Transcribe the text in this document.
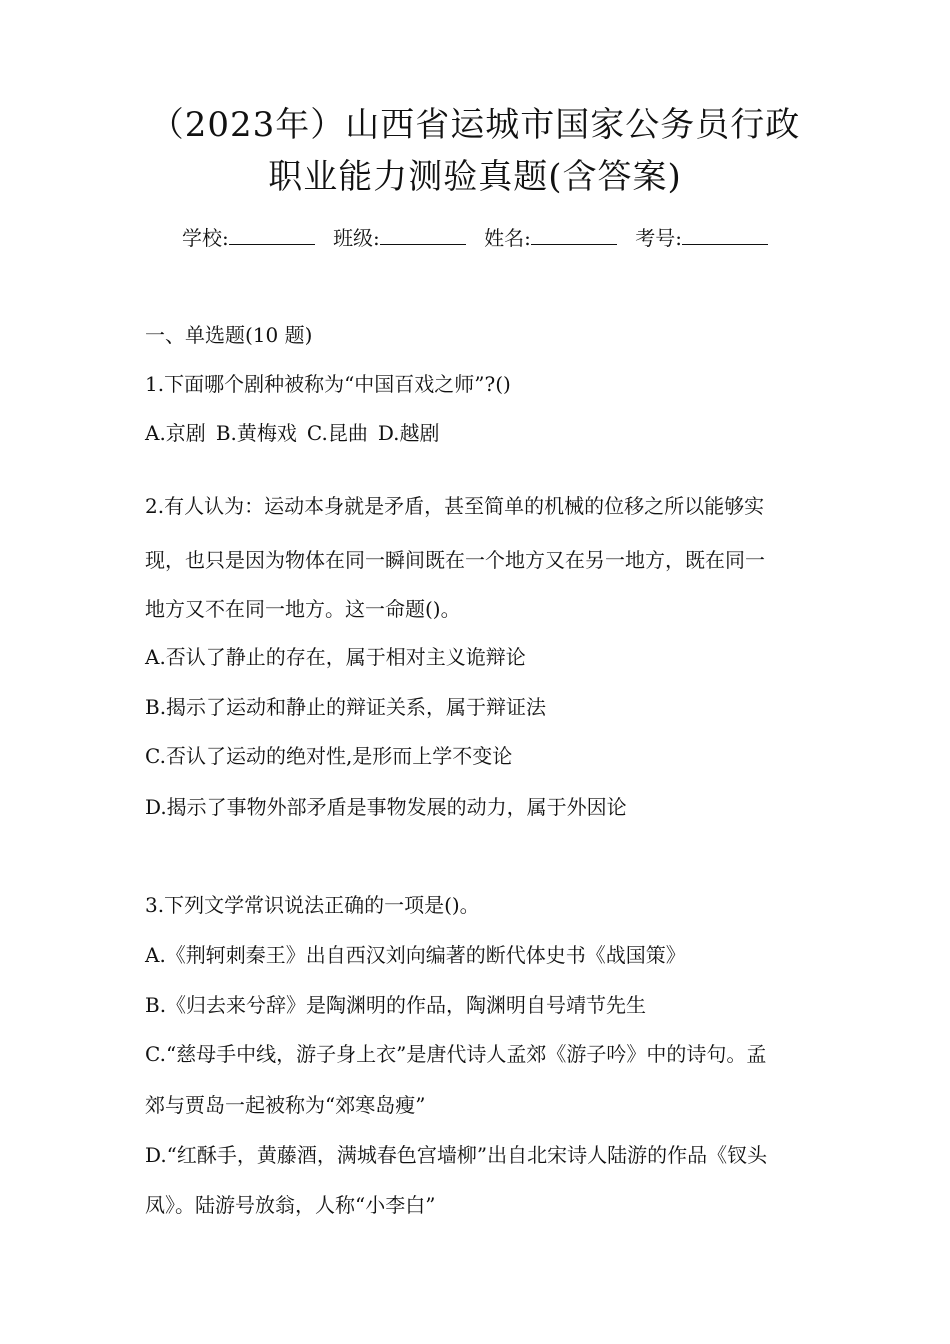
（2023年）山西省运城市国家公务员行政
职业能力测验真题(含答案)
学校:	班级:	姓名:	考号:
一、单选题(10 题)
1.下面哪个剧种被称为“中国百戏之师”?()
A.京剧 B.黄梅戏 C.昆曲 D.越剧
2.有人认为：运动本身就是矛盾，甚至简单的机械的位移之所以能够实
现，也只是因为物体在同一瞬间既在一个地方又在另一地方，既在同一
地方又不在同一地方。这一命题()。
A.否认了静止的存在，属于相对主义诡辩论
B.揭示了运动和静止的辩证关系，属于辩证法
C.否认了运动的绝对性,是形而上学不变论
D.揭示了事物外部矛盾是事物发展的动力，属于外因论
3.下列文学常识说法正确的一项是()。
A.《荆轲刺秦王》出自西汉刘向编著的断代体史书《战国策》
B.《归去来兮辞》是陶渊明的作品，陶渊明自号靖节先生
C.“慈母手中线，游子身上衣”是唐代诗人孟郊《游子吟》中的诗句。孟
郊与贾岛一起被称为“郊寒岛瘦”
D.“红酥手，黄藤酒，满城春色宫墙柳”出自北宋诗人陆游的作品《钗头
凤》。陆游号放翁，人称“小李白”
